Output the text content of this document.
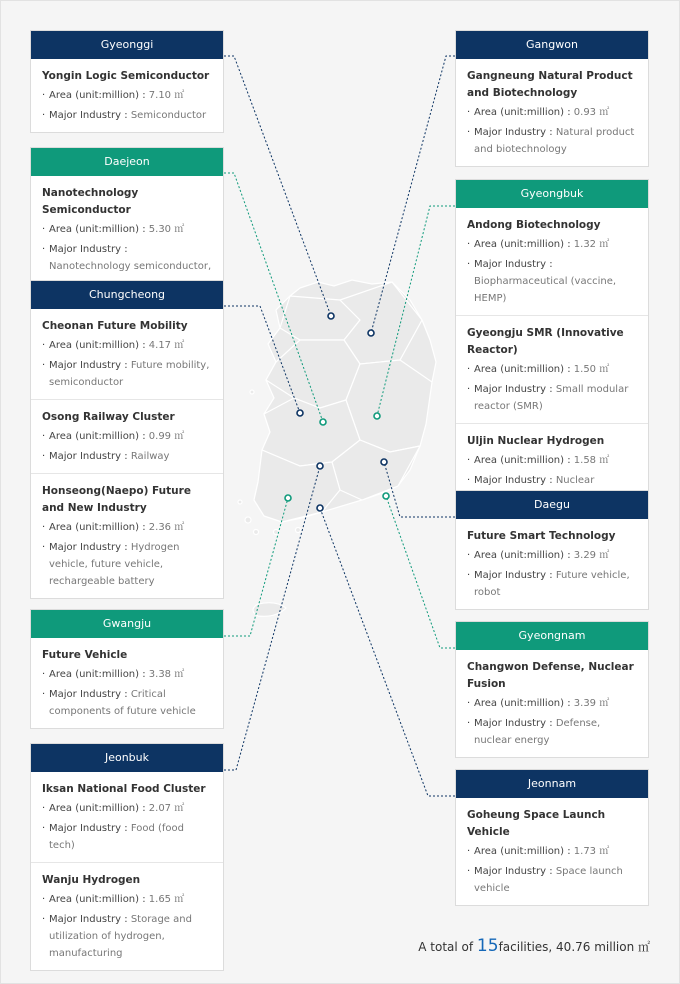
Gyeonggi
Yongin Logic Semiconductor
· Area (unit:million) : 7.10 ㎡
· Major Industry : Semiconductor
Daejeon
Nanotechnology Semiconductor
· Area (unit:million) : 5.30 ㎡
· Major Industry : Nanotechnology semiconductor,
Chungcheong
Cheonan Future Mobility
· Area (unit:million) : 4.17 ㎡
· Major Industry : Future mobility, semiconductor
Osong Railway Cluster
· Area (unit:million) : 0.99 ㎡
· Major Industry : Railway
Honseong(Naepo) Future and New Industry
· Area (unit:million) : 2.36 ㎡
· Major Industry : Hydrogen vehicle, future vehicle, rechargeable battery
Gwangju
Future Vehicle
· Area (unit:million) : 3.38 ㎡
· Major Industry : Critical components of future vehicle
Jeonbuk
Iksan National Food Cluster
· Area (unit:million) : 2.07 ㎡
· Major Industry : Food (food tech)
Wanju Hydrogen
· Area (unit:million) : 1.65 ㎡
· Major Industry : Storage and utilization of hydrogen, manufacturing
Gangwon
Gangneung Natural Product and Biotechnology
· Area (unit:million) : 0.93 ㎡
· Major Industry : Natural product and biotechnology
Gyeongbuk
Andong Biotechnology
· Area (unit:million) : 1.32 ㎡
· Major Industry : Biopharmaceutical (vaccine, HEMP)
Gyeongju SMR (Innovative Reactor)
· Area (unit:million) : 1.50 ㎡
· Major Industry : Small modular reactor (SMR)
Uljin Nuclear Hydrogen
· Area (unit:million) : 1.58 ㎡
· Major Industry : Nuclear
Daegu
Future Smart Technology
· Area (unit:million) : 3.29 ㎡
· Major Industry : Future vehicle, robot
Gyeongnam
Changwon Defense, Nuclear Fusion
· Area (unit:million) : 3.39 ㎡
· Major Industry : Defense, nuclear energy
Jeonnam
Goheung Space Launch Vehicle
· Area (unit:million) : 1.73 ㎡
· Major Industry : Space launch vehicle
A total of 15facilities, 40.76 million ㎡
